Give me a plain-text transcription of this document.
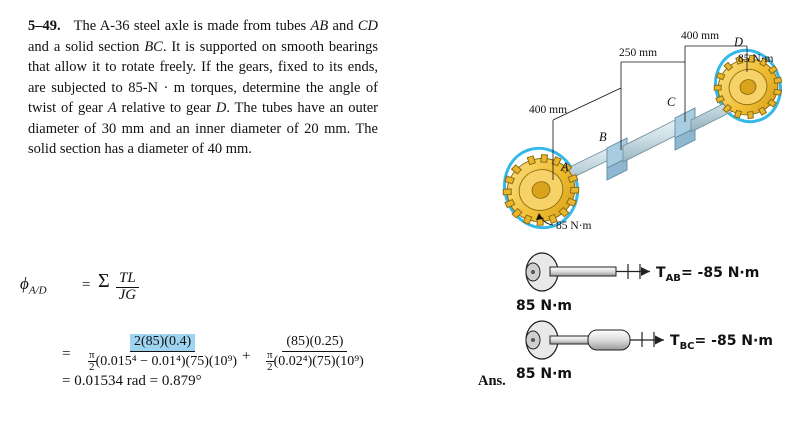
5–49.   The A-36 steel axle is made from tubes AB and CD and a solid section BC. It is supported on smooth bearings that allow it to rotate freely. If the gears, fixed to its ends, are subjected to 85-N · m torques, determine the angle of twist of gear A relative to gear D. The tubes have an outer diameter of 30 mm and an inner diameter of 20 mm. The solid section has a diameter of 40 mm.
$\phi_{A/D} = \Sigma \frac{TL}{JG}$
= $\frac{2(85)(0.4)}{\frac{\pi}{2} (0.015^4 - 0.01^4)(75)(10^9)} + \frac{(85)(0.25)}{\frac{\pi}{2} (0.02^4)(75)(10^9)}$
= 0.01534 rad = 0.879°	Ans.
400 mm
250 mm
400 mm
A
B
C
D
85 N·m
85 N·m
$T_{AB}= -85$ N·m
85 N·m
$T_{BC}= -85$ N·m
85 N·m
